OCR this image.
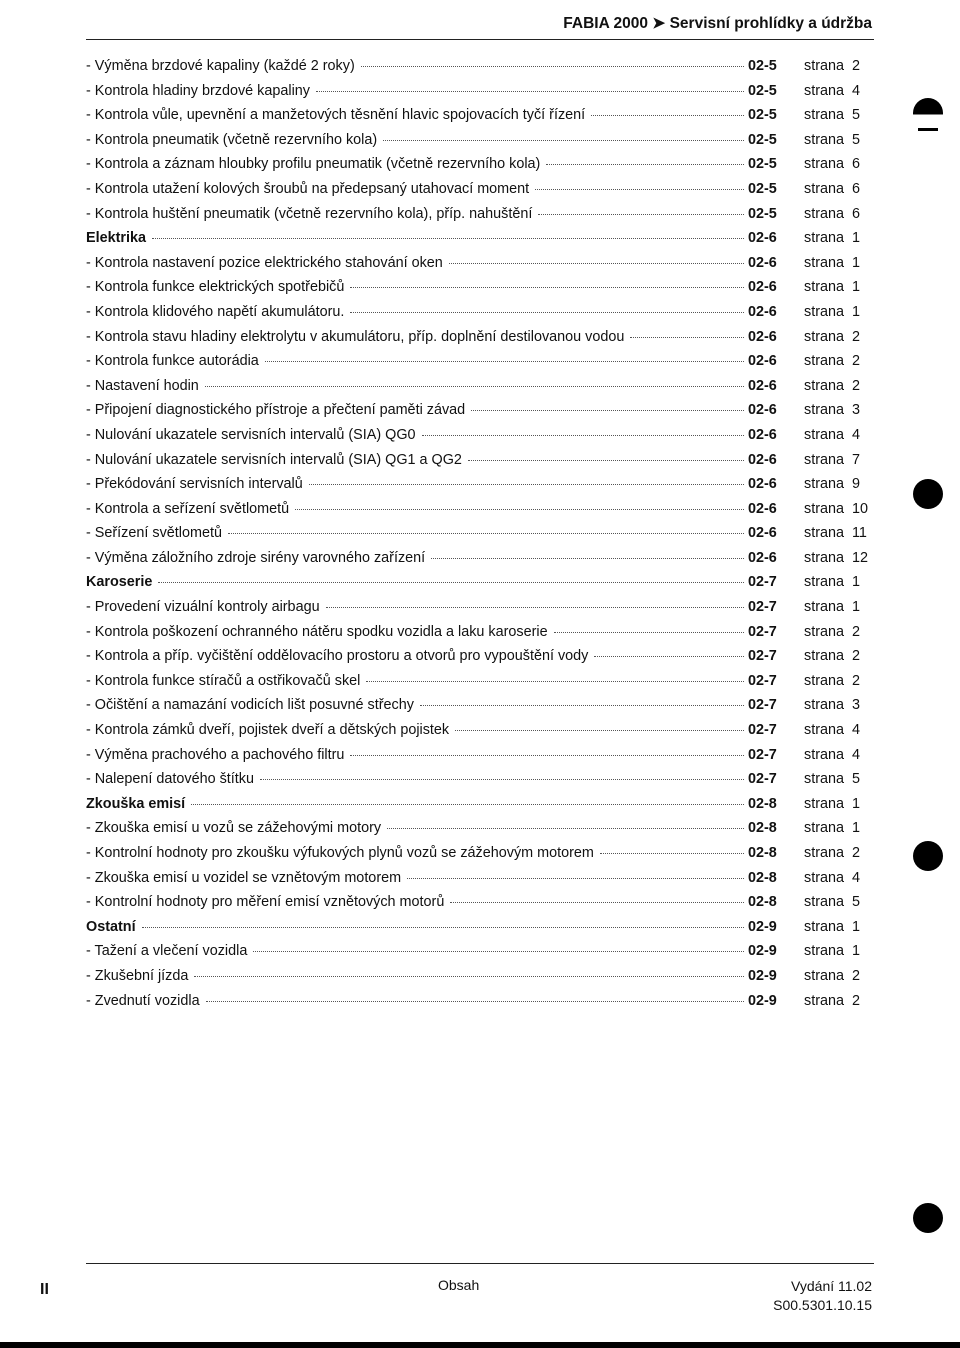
FABIA 2000 ➤ Servisní prohlídky a údržba
- Výměna brzdové kapaliny (každé 2 roky)	02-5	strana 2
- Kontrola hladiny brzdové kapaliny	02-5	strana 4
- Kontrola vůle, upevnění a manžetových těsnění hlavic spojovacích tyčí řízení	02-5	strana 5
- Kontrola pneumatik (včetně rezervního kola)	02-5	strana 5
- Kontrola a záznam hloubky profilu pneumatik (včetně rezervního kola)	02-5	strana 6
- Kontrola utažení kolových šroubů na předepsaný utahovací moment	02-5	strana 6
- Kontrola huštění pneumatik (včetně rezervního kola), příp. nahuštění	02-5	strana 6
Elektrika	02-6	strana 1
- Kontrola nastavení pozice elektrického stahování oken	02-6	strana 1
- Kontrola funkce elektrických spotřebičů	02-6	strana 1
- Kontrola klidového napětí akumulátoru.	02-6	strana 1
- Kontrola stavu hladiny elektrolytu v akumulátoru, příp. doplnění destilovanou vodou	02-6	strana 2
- Kontrola funkce autorádia	02-6	strana 2
- Nastavení hodin	02-6	strana 2
- Připojení diagnostického přístroje a přečtení paměti závad	02-6	strana 3
- Nulování ukazatele servisních intervalů (SIA) QG0	02-6	strana 4
- Nulování ukazatele servisních intervalů (SIA) QG1 a QG2	02-6	strana 7
- Překódování servisních intervalů	02-6	strana 9
- Kontrola a seřízení světlometů	02-6	strana 10
- Seřízení světlometů	02-6	strana 11
- Výměna záložního zdroje sirény varovného zařízení	02-6	strana 12
Karoserie	02-7	strana 1
- Provedení vizuální kontroly airbagu	02-7	strana 1
- Kontrola poškození ochranného nátěru spodku vozidla a laku karoserie	02-7	strana 2
- Kontrola a příp. vyčištění oddělovacího prostoru a otvorů pro vypouštění vody	02-7	strana 2
- Kontrola funkce stíračů a ostřikovačů skel	02-7	strana 2
- Očištění a namazání vodicích lišt posuvné střechy	02-7	strana 3
- Kontrola zámků dveří, pojistek dveří a dětských pojistek	02-7	strana 4
- Výměna prachového a pachového filtru	02-7	strana 4
- Nalepení datového štítku	02-7	strana 5
Zkouška emisí	02-8	strana 1
- Zkouška emisí u vozů se zážehovými motory	02-8	strana 1
- Kontrolní hodnoty pro zkoušku výfukových plynů vozů se zážehovým motorem	02-8	strana 2
- Zkouška emisí u vozidel se vznětovým motorem	02-8	strana 4
- Kontrolní hodnoty pro měření emisí vznětových motorů	02-8	strana 5
Ostatní	02-9	strana 1
- Tažení a vlečení vozidla	02-9	strana 1
- Zkušební jízda	02-9	strana 2
- Zvednutí vozidla	02-9	strana 2
II	Obsah	Vydání 11.02
S00.5301.10.15
